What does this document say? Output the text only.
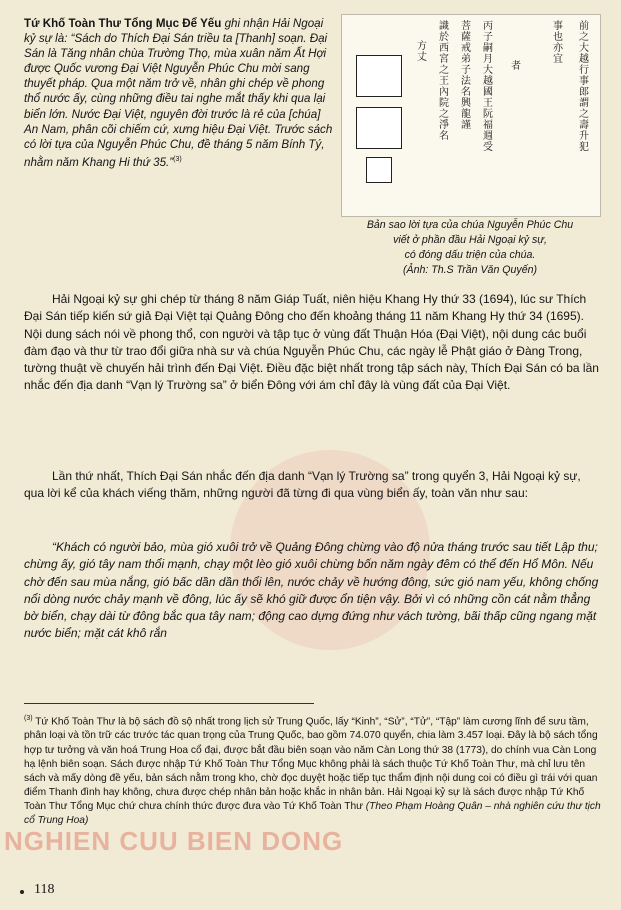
Tứ Khố Toàn Thư Tổng Mục Để Yếu ghi nhận Hải Ngoại kỷ sự là: “Sách do Thích Đại Sán triều ta [Thanh] soạn. Đại Sán là Tăng nhân chùa Trường Thọ, mùa xuân năm Ất Hợi được Quốc vương Đại Việt Nguyễn Phúc Chu mời sang thuyết pháp. Qua một năm trở về, nhân ghi chép về phong thổ nước ấy, cùng những điều tai nghe mắt thấy khi qua lại biển lớn. Nước Đại Việt, nguyên đời trước là rẻ của [chúa] An Nam, phân cõi chiếm cứ, xưng hiệu Đại Việt. Trước sách có lời tựa của Nguyễn Phúc Chu, đề tháng 5 năm Bính Tý, nhằm năm Khang Hi thứ 35.”$^{(3)}$
前之大越行事郎謂之壽升犯
事也亦宜
者
丙子嗣月大越國王阮福週受
菩薩戒弟子法名興龍謹
識於西宮之王內院之淨名
方丈
Bản sao lời tựa của chúa Nguyễn Phúc Chu
viết ở phần đầu Hải Ngoại kỷ sự,
có đóng dấu triện của chúa.
(Ảnh: Th.S Trần Văn Quyến)
Hải Ngoại kỷ sự ghi chép từ tháng 8 năm Giáp Tuất, niên hiệu Khang Hy thứ 33 (1694), lúc sư Thích Đại Sán tiếp kiến sứ giả Đại Việt tại Quảng Đông cho đến khoảng tháng 11 năm Khang Hy thứ 34 (1695). Nội dung sách nói về phong thổ, con người và tập tục ở vùng đất Thuận Hóa (Đại Việt), nội dung các buổi đàm đạo và thư từ trao đổi giữa nhà sư và chúa Nguyễn Phúc Chu, các ngày lễ Phật giáo ở Đàng Trong, tường thuật về chuyến hải trình đến Đại Việt. Điều đặc biệt nhất trong tập sách này, Thích Đại Sán có ba lần nhắc đến địa danh “Vạn lý Trường sa” ở biển Đông với ám chỉ đây là vùng đất của Đại Việt.
Lần thứ nhất, Thích Đại Sán nhắc đến địa danh “Vạn lý Trường sa” trong quyển 3, Hải Ngoại kỷ sự, qua lời kể của khách viếng thăm, những người đã từng đi qua vùng biển ấy, toàn văn như sau:
“Khách có người bảo, mùa gió xuôi trở về Quảng Đông chừng vào độ nửa tháng trước sau tiết Lập thu; chừng ấy, gió tây nam thổi mạnh, chạy một lèo gió xuôi chừng bốn năm ngày đêm có thể đến Hổ Môn. Nếu chờ đến sau mùa nắng, gió bấc dần dần thổi lên, nước chảy về hướng đông, sức gió nam yếu, không chống nổi dòng nước chảy mạnh về đông, lúc ấy sẽ khó giữ được ổn tiện vậy. Bởi vì có những cồn cát nằm thẳng bờ biển, chạy dài từ đông bắc qua tây nam; động cao dựng đứng như vách tường, bãi thấp cũng ngang mặt nước biển; mặt cát khô rắn
$^{(3)}$ Tứ Khố Toàn Thư là bộ sách đồ sộ nhất trong lịch sử Trung Quốc, lấy “Kinh”, “Sử”, “Tử”, “Tập” làm cương lĩnh để sưu tầm, phân loại và tồn trữ các trước tác quan trọng của Trung Quốc, bao gồm 74.070 quyển, chia làm 3.457 loại. Đây là bộ sách tổng hợp tư tưởng và văn hoá Trung Hoa cổ đại, được bắt đầu biên soạn vào năm Càn Long thứ 38 (1773), do chính vua Càn Long hạ lệnh biên soạn. Sách được nhập Tứ Khố Toàn Thư Tổng Mục không phải là sách thuộc Tứ Khố Toàn Thư, mà chỉ lưu tên sách và mấy dòng đề yếu, bản sách nằm trong kho, chờ đọc duyệt hoặc tiếp tục thẩm định nội dung coi có điều gì trái với quan điểm Thanh đình hay không, chưa được chép nhân bản hoặc khắc in nhân bản. Hải Ngoại kỷ sự là sách được nhập Tứ Khố Toàn Thư Tổng Mục chứ chưa chính thức được đưa vào Tứ Khố Toàn Thư (Theo Phạm Hoàng Quân – nhà nghiên cứu thư tịch cổ Trung Hoa)
NGHIEN CUU BIEN DONG
118
